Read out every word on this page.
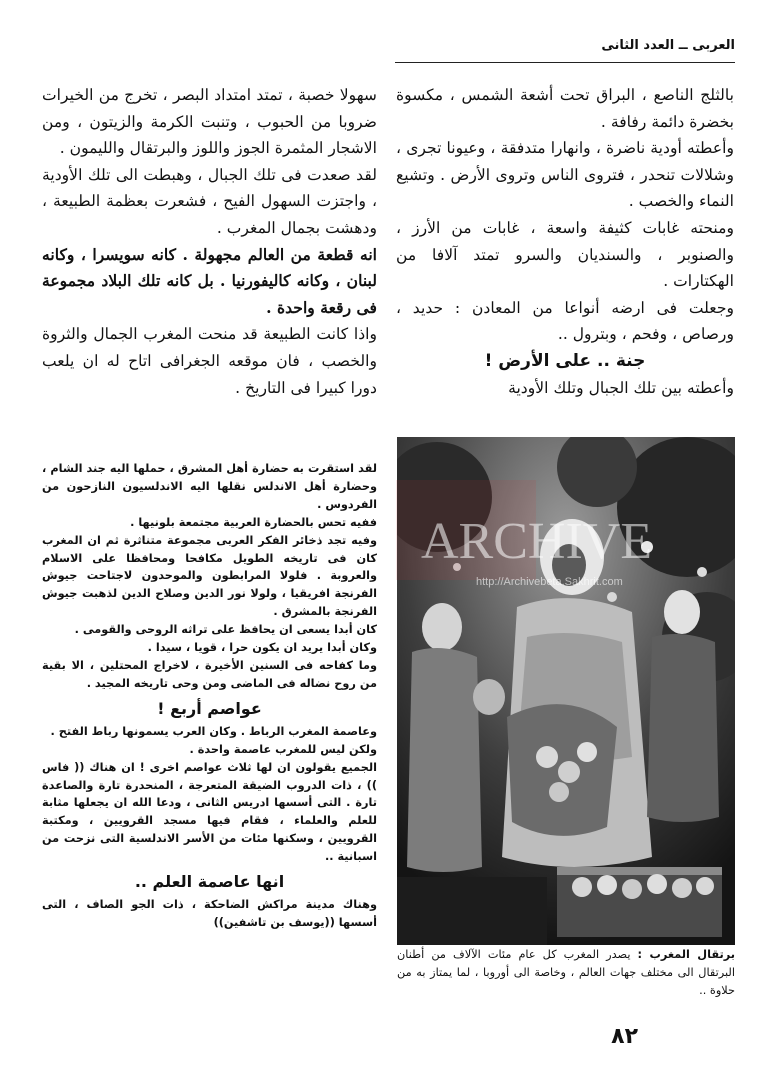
العربى ــ العدد الثانى

بالثلج الناصع ، البراق تحت أشعة الشمس ، مكسوة بخضرة دائمة رفافة .

وأعطته أودية ناضرة ، وانهارا متدفقة ، وعيونا تجرى ، وشلالات تنحدر ، فتروى الناس وتروى الأرض . وتشيع النماء والخصب .

ومنحته غابات كثيفة واسعة ، غابات من الأرز ، والصنوبر ، والسنديان والسرو تمتد آلافا من الهكتارات .

وجعلت فى ارضه أنواعا من المعادن : حديد ، ورصاص ، وفحم ، وبترول ..

جنة .. على الأرض !

وأعطته بين تلك الجبال وتلك الأودية

سهولا خصبة ، تمتد امتداد البصر ، تخرج من الخيرات ضروبا من الحبوب ، وتنبت الكرمة والزيتون ، ومن الاشجار المثمرة الجوز واللوز والبرتقال والليمون .

لقد صعدت فى تلك الجبال ، وهبطت الى تلك الأودية ، واجتزت السهول الفيح ، فشعرت بعظمة الطبيعة ، ودهشت بجمال المغرب .

انه قطعة من العالم مجهولة . كانه سويسرا ، وكانه لبنان ، وكانه كاليفورنيا . بل كانه تلك البلاد مجموعة فى رقعة واحدة .

واذا كانت الطبيعة قد منحت المغرب الجمال والثروة والخصب ، فان موقعه الجغرافى اتاح له ان يلعب دورا كبيرا فى التاريخ .

لقد استقرت به حضارة أهل المشرق ، حملها اليه جند الشام ، وحضارة أهل الاندلس نقلها اليه الاندلسيون النازحون من الفردوس .

ففيه تحس بالحضارة العربية مجتمعة بلونيها .

وفيه تجد ذخائر الفكر العربى مجموعة متناثرة ثم ان المغرب كان فى تاريخه الطويل مكافحا ومحافظا على الاسلام والعروبة . فلولا المرابطون والموحدون لاجتاحت جيوش الفرنجة افريقيا ، ولولا نور الدين وصلاح الدين لذهبت جيوش الفرنجة بالمشرق .

كان أبدا يسعى ان يحافظ على تراثه الروحى والقومى .

وكان أبدا يريد ان يكون حرا ، قويا ، سيدا .

وما كفاحه فى السنين الأخيرة ، لاخراج المحتلين ، الا بقية من روح نضاله فى الماضى ومن وحى تاريخه المجيد .

عواصم أربع !

وعاصمة المغرب الرباط . وكان العرب يسمونها رباط الفتح .

ولكن ليس للمغرب عاصمة واحدة .

الجميع يقولون ان لها ثلاث عواصم اخرى ! ان هناك (( فاس )) ، ذات الدروب الضيقة المتعرجة ، المنحدرة تارة والصاعدة تارة . التى أسسها ادريس الثانى ، ودعا الله ان يجعلها مثابة للعلم والعلماء ، فقام فيها مسجد القرويين ، ومكتبة القرويين ، وسكنها مئات من الأسر الاندلسية التى نزحت من اسبانية ..

انها عاصمة العلم ..

وهناك مدينة مراكش الضاحكة ، ذات الجو الصاف ، التى أسسها ((يوسف بن تاشفين))

ARCHIVE
http://Archivebeta.Sakhrit.com
برتقال المغرب : يصدر المغرب كل عام مئات الآلاف من أطنان البرتقال الى مختلف جهات العالم ، وخاصة الى أوروبا ، لما يمتاز به من حلاوة ..
٨٢
